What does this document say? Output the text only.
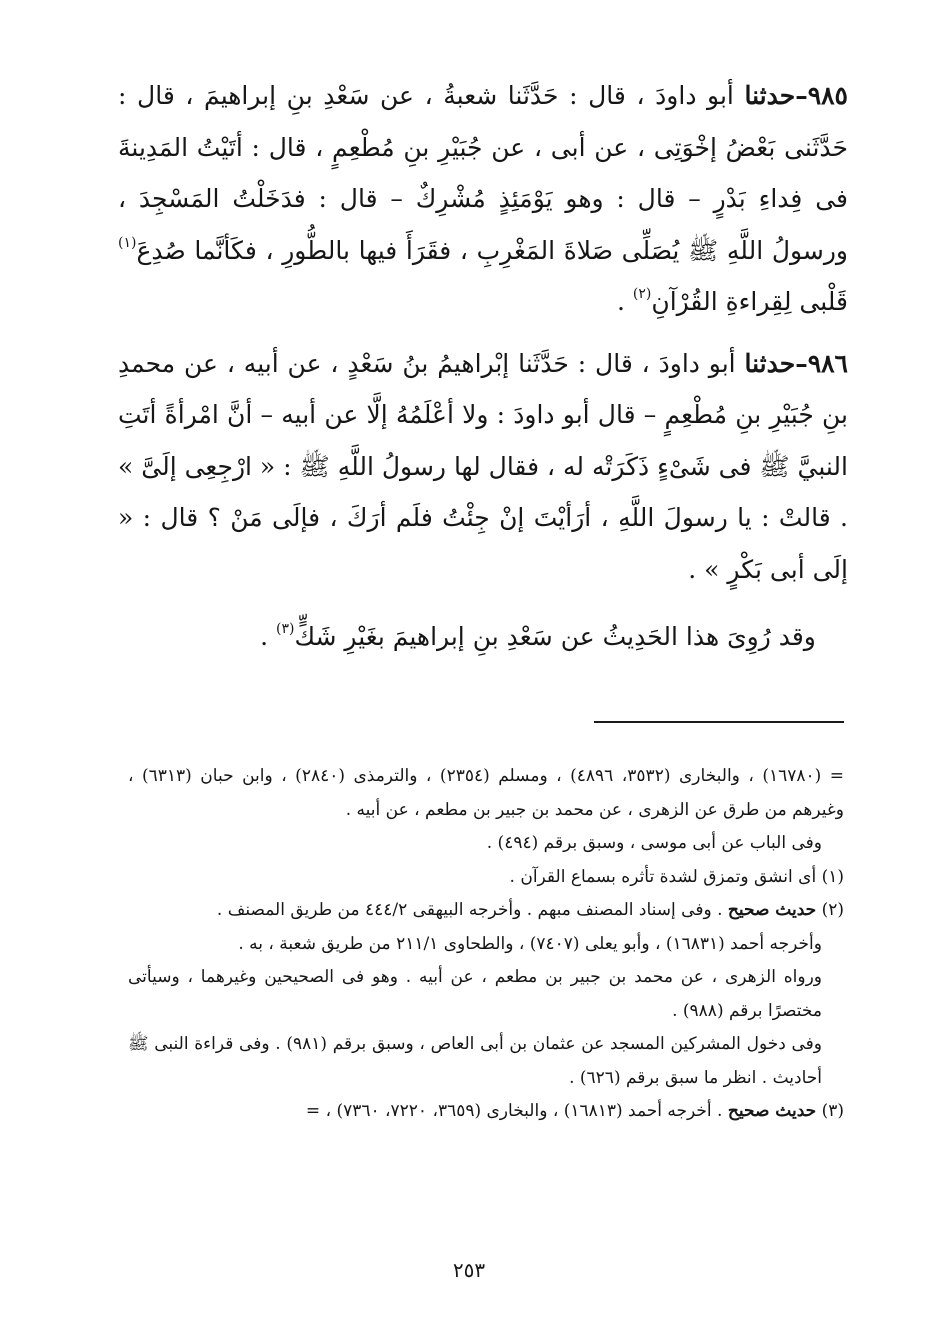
٩٨٥–حدثنا أبو داودَ ، قال : حَدَّثَنا شعبةُ ، عن سَعْدِ بنِ إبراهيمَ ، قال : حَدَّثَنى بَعْضُ إخْوَتِى ، عن أبى ، عن جُبَيْرِ بنِ مُطْعِمٍ ، قال : أتَيْتُ المَدِينةَ فى فِداءِ بَدْرٍ – قال : وهو يَوْمَئِذٍ مُشْرِكٌ – قال : فدَخَلْتُ المَسْجِدَ ، ورسولُ اللَّهِ ﷺ يُصَلِّى صَلاةَ المَغْرِبِ ، فقَرَأَ فيها بالطُّورِ ، فكَأنَّما صُدِعَ$^{(١)}$ قَلْبى لِقِراءةِ القُرْآنِ$^{(٢)}$ .

٩٨٦–حدثنا أبو داودَ ، قال : حَدَّثَنا إبْراهيمُ بنُ سَعْدٍ ، عن أبيه ، عن محمدِ بنِ جُبَيْرِ بنِ مُطْعِمٍ – قال أبو داودَ : ولا أعْلَمُهُ إلَّا عن أبيه – أنَّ امْرأةً أتَتِ النبيَّ ﷺ فى شَىْءٍ ذَكَرَتْه له ، فقال لها رسولُ اللَّهِ ﷺ : « ارْجِعِى إلَىَّ » . قالتْ : يا رسولَ اللَّهِ ، أرَأيْتَ إنْ جِئْتُ فلَم أرَكَ ، فإلَى مَنْ ؟ قال : « إلَى أبى بَكْرٍ » .

وقد رُوِىَ هذا الحَدِيثُ عن سَعْدِ بنِ إبراهيمَ بغَيْرِ شَكٍّ$^{(٣)}$ .

= (١٦٧٨٠) ، والبخارى (٣٥٣٢، ٤٨٩٦) ، ومسلم (٢٣٥٤) ، والترمذى (٢٨٤٠) ، وابن حبان (٦٣١٣) ، وغيرهم من طرق عن الزهرى ، عن محمد بن جبير بن مطعم ، عن أبيه .

وفى الباب عن أبى موسى ، وسبق برقم (٤٩٤) .

(١) أى انشق وتمزق لشدة تأثره بسماع القرآن .

(٢) حديث صحيح . وفى إسناد المصنف مبهم . وأخرجه البيهقى ٤٤٤/٢ من طريق المصنف .

وأخرجه أحمد (١٦٨٣١) ، وأبو يعلى (٧٤٠٧) ، والطحاوى ٢١١/١ من طريق شعبة ، به .

ورواه الزهرى ، عن محمد بن جبير بن مطعم ، عن أبيه . وهو فى الصحيحين وغيرهما ، وسيأتى مختصرًا برقم (٩٨٨) .

وفى دخول المشركين المسجد عن عثمان بن أبى العاص ، وسبق برقم (٩٨١) . وفى قراءة النبى ﷺ أحاديث . انظر ما سبق برقم (٦٢٦) .

(٣) حديث صحيح . أخرجه أحمد (١٦٨١٣) ، والبخارى (٣٦٥٩، ٧٢٢٠، ٧٣٦٠) ، =

٢٥٣
